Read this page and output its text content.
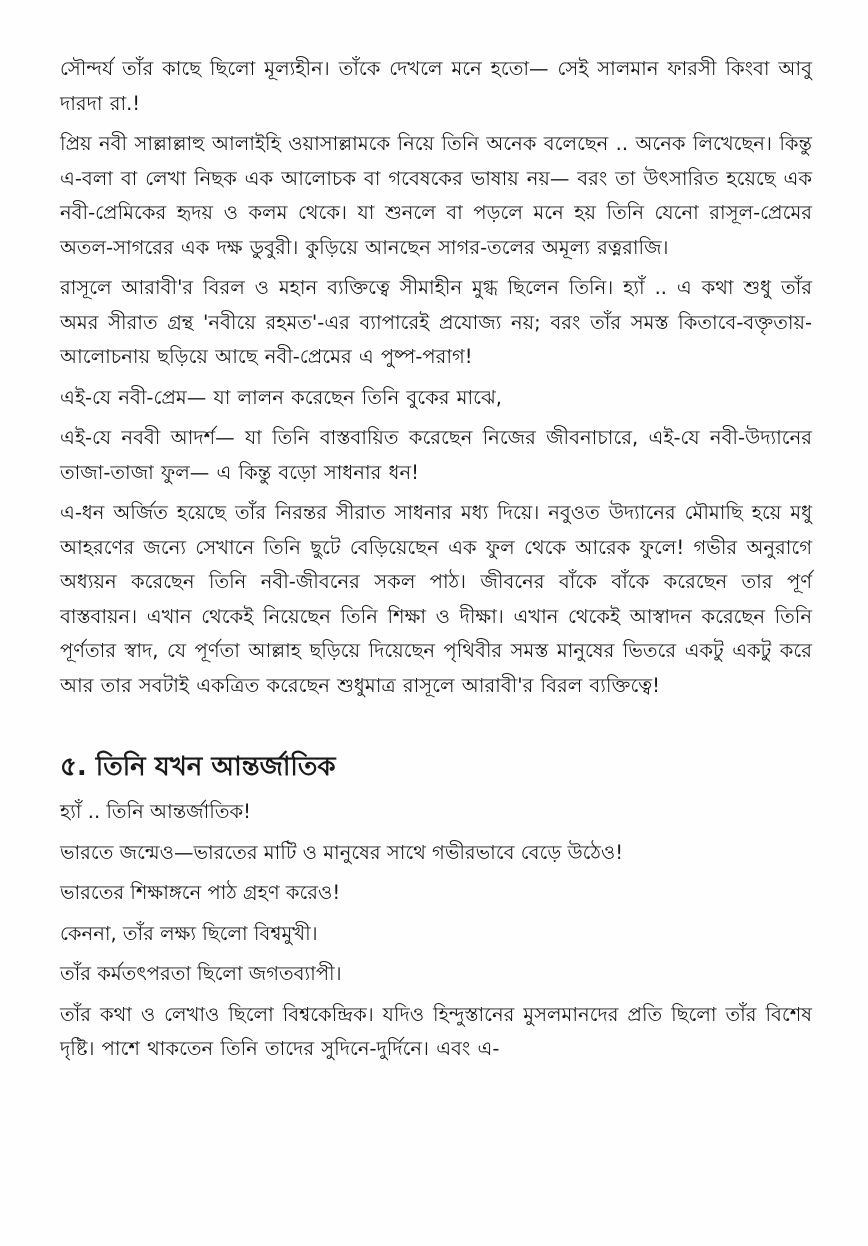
সৌন্দর্য তাঁর কাছে ছিলো মূল্যহীন। তাঁকে দেখলে মনে হতো— সেই সালমান ফারসী কিংবা আবু দারদা রা.!

প্রিয় নবী সাল্লাল্লাহু আলাইহি ওয়াসাল্লামকে নিয়ে তিনি অনেক বলেছেন .. অনেক লিখেছেন। কিন্তু এ-বলা বা লেখা নিছক এক আলোচক বা গবেষকের ভাষায় নয়— বরং তা উৎসারিত হয়েছে এক নবী-প্রেমিকের হৃদয় ও কলম থেকে। যা শুনলে বা পড়লে মনে হয় তিনি যেনো রাসূল-প্রেমের অতল-সাগরের এক দক্ষ ডুবুরী। কুড়িয়ে আনছেন সাগর-তলের অমূল্য রত্নরাজি।

রাসূলে আরাবী'র বিরল ও মহান ব্যক্তিত্বে সীমাহীন মুগ্ধ ছিলেন তিনি। হ্যাঁ .. এ কথা শুধু তাঁর অমর সীরাত গ্রন্থ 'নবীয়ে রহমত'-এর ব্যাপারেই প্রযোজ্য নয়; বরং তাঁর সমস্ত কিতাবে-বক্তৃতায়-আলোচনায় ছড়িয়ে আছে নবী-প্রেমের এ পুষ্প-পরাগ!

এই-যে নবী-প্রেম— যা লালন করেছেন তিনি বুকের মাঝে,

এই-যে নববী আদর্শ— যা তিনি বাস্তবায়িত করেছেন নিজের জীবনাচারে, এই-যে নবী-উদ্যানের তাজা-তাজা ফুল— এ কিন্তু বড়ো সাধনার ধন!

এ-ধন অর্জিত হয়েছে তাঁর নিরন্তর সীরাত সাধনার মধ্য দিয়ে। নবুওত উদ্যানের মৌমাছি হয়ে মধু আহরণের জন্যে সেখানে তিনি ছুটে বেড়িয়েছেন এক ফুল থেকে আরেক ফুলে! গভীর অনুরাগে অধ্যয়ন করেছেন তিনি নবী-জীবনের সকল পাঠ। জীবনের বাঁকে বাঁকে করেছেন তার পূর্ণ বাস্তবায়ন। এখান থেকেই নিয়েছেন তিনি শিক্ষা ও দীক্ষা। এখান থেকেই আস্বাদন করেছেন তিনি পূর্ণতার স্বাদ, যে পূর্ণতা আল্লাহ ছড়িয়ে দিয়েছেন পৃথিবীর সমস্ত মানুষের ভিতরে একটু একটু করে আর তার সবটাই একত্রিত করেছেন শুধুমাত্র রাসূলে আরাবী'র বিরল ব্যক্তিত্বে!

৫. তিনি যখন আন্তর্জাতিক

হ্যাঁ .. তিনি আন্তর্জাতিক!

ভারতে জন্মেও—ভারতের মাটি ও মানুষের সাথে গভীরভাবে বেড়ে উঠেও!

ভারতের শিক্ষাঙ্গনে পাঠ গ্রহণ করেও!

কেননা, তাঁর লক্ষ্য ছিলো বিশ্বমুখী।

তাঁর কর্মতৎপরতা ছিলো জগতব্যাপী।

তাঁর কথা ও লেখাও ছিলো বিশ্বকেন্দ্রিক। যদিও হিন্দুস্তানের মুসলমানদের প্রতি ছিলো তাঁর বিশেষ দৃষ্টি। পাশে থাকতেন তিনি তাদের সুদিনে-দুর্দিনে। এবং এ-
